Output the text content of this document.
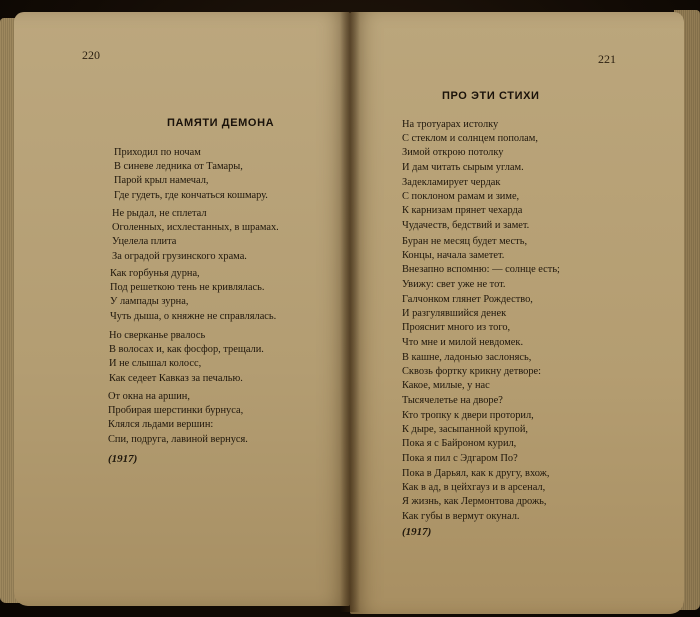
220
ПАМЯТИ ДЕМОНА
Приходил по ночам
В синеве ледника от Тамары,
Парой крыл намечал,
Где гудеть, где кончаться кошмару.
Не рыдал, не сплетал
Оголенных, исхлестанных, в шрамах.
Уцелела плита
За оградой грузинского храма.
Как горбунья дурна,
Под решеткою тень не кривлялась.
У лампады зурна,
Чуть дыша, о княжне не справлялась.
Но сверканье рвалось
В волосах и, как фосфор, трещали.
И не слышал колосс,
Как седеет Кавказ за печалью.
От окна на аршин,
Пробирая шерстинки бурнуса,
Клялся льдами вершин:
Спи, подруга, лавиной вернуся.
(1917)
221
ПРО ЭТИ СТИХИ
На тротуарах истолку
С стеклом и солнцем пополам,
Зимой открою потолку
И дам читать сырым углам.
Задекламирует чердак
С поклоном рамам и зиме,
К карнизам прянет чехарда
Чудачеств, бедствий и замет.
Буран не месяц будет месть,
Концы, начала заметет.
Внезапно вспомню: — солнце есть;
Увижу: свет уже не тот.
Галчонком глянет Рождество,
И разгулявшийся денек
Прояснит много из того,
Что мне и милой невдомек.
В кашне, ладонью заслонясь,
Сквозь фортку крикну детворе:
Какое, милые, у нас
Тысячелетье на дворе?
Кто тропку к двери проторил,
К дыре, засыпанной крупой,
Пока я с Байроном курил,
Пока я пил с Эдгаром По?
Пока в Дарьял, как к другу, вхож,
Как в ад, в цейхгауз и в арсенал,
Я жизнь, как Лермонтова дрожь,
Как губы в вермут окунал.
(1917)
